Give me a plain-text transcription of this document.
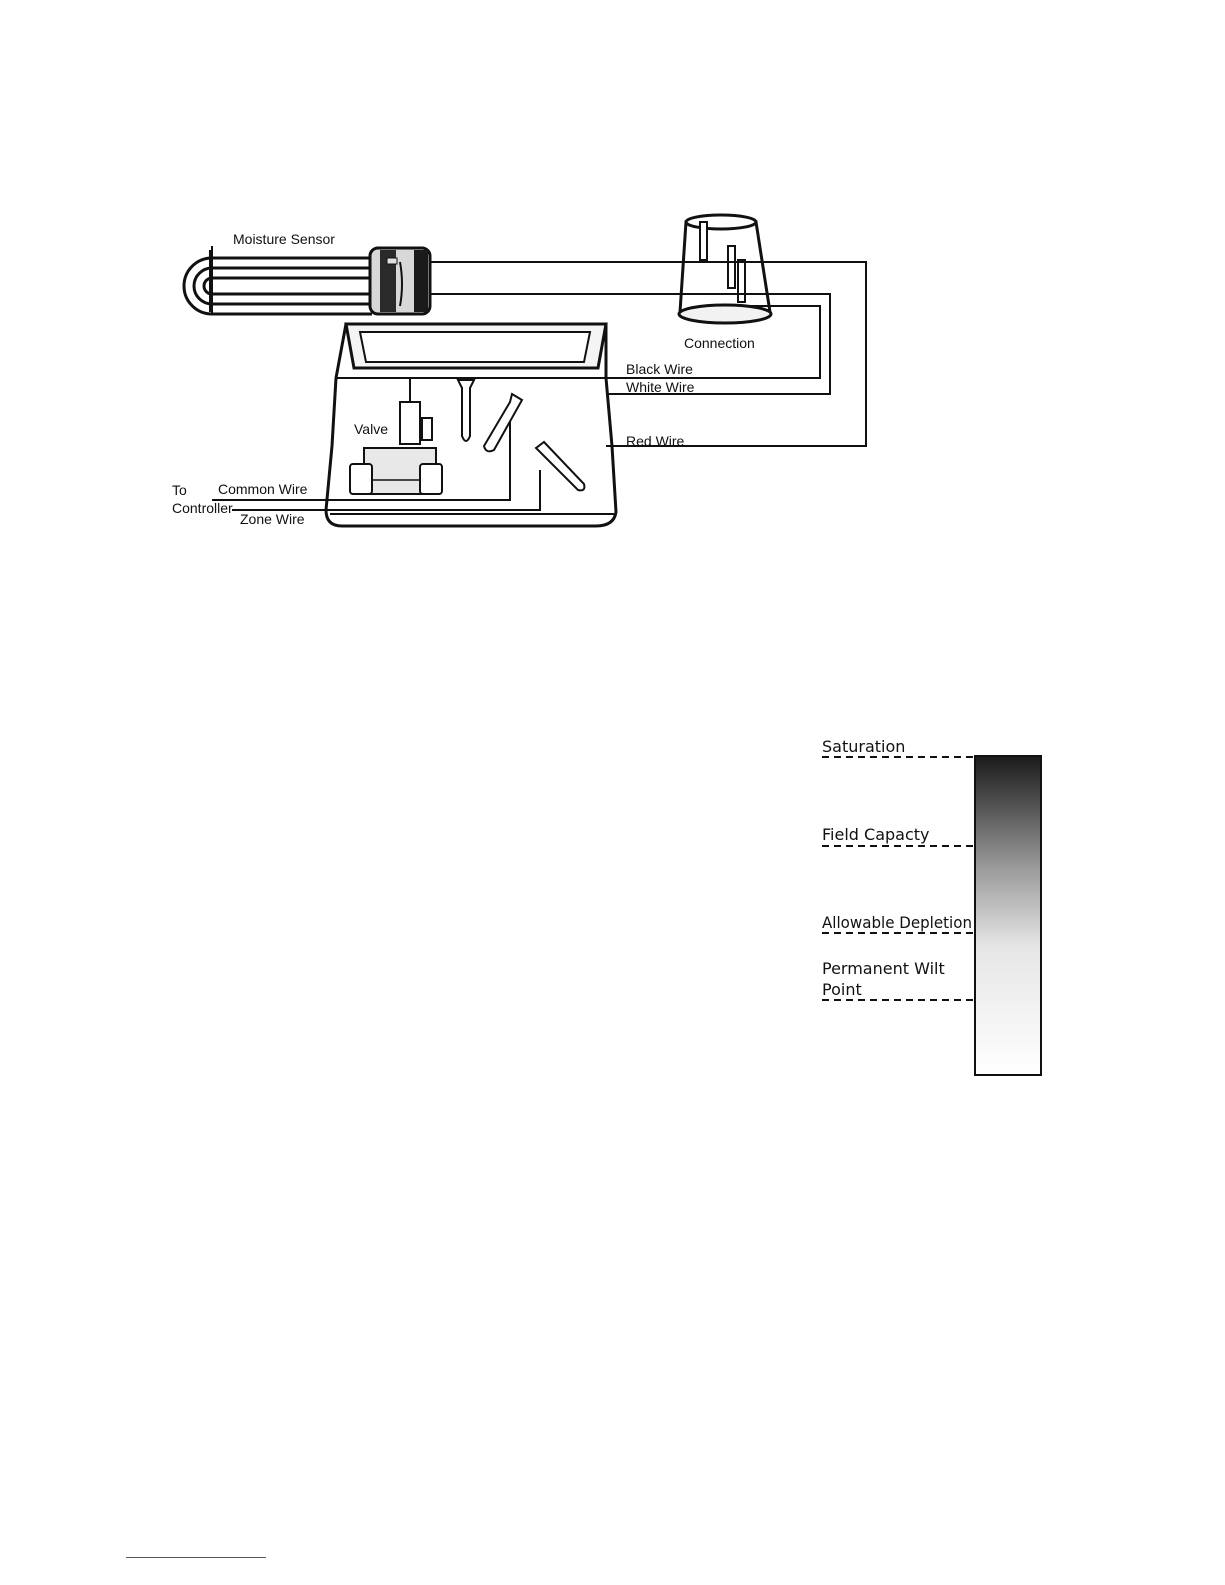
Moisture Sensor
Connection
Black Wire
White Wire
Red Wire
Valve
To
Controller
Common Wire
Zone Wire
Saturation
Field Capacty
Allowable Depletion
Permanent Wilt
Point
